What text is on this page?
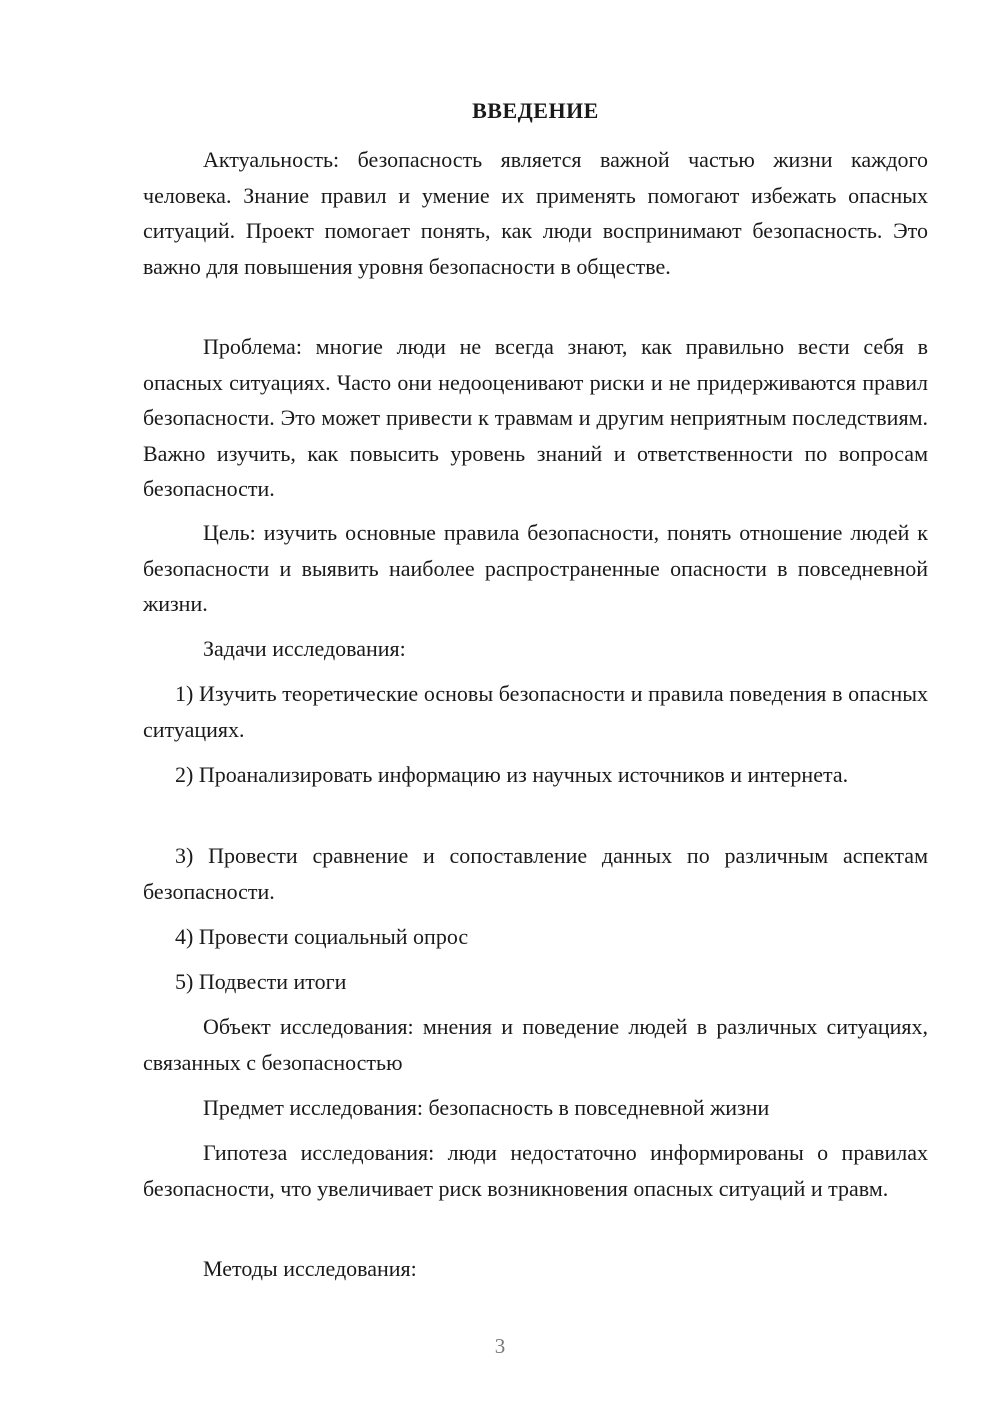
ВВЕДЕНИЕ

Актуальность: безопасность является важной частью жизни каждого человека. Знание правил и умение их применять помогают избежать опасных ситуаций. Проект помогает понять, как люди воспринимают безопасность. Это важно для повышения уровня безопасности в обществе.

Проблема: многие люди не всегда знают, как правильно вести себя в опасных ситуациях. Часто они недооценивают риски и не придерживаются правил безопасности. Это может привести к травмам и другим неприятным последствиям. Важно изучить, как повысить уровень знаний и ответственности по вопросам безопасности.

Цель: изучить основные правила безопасности, понять отношение людей к безопасности и выявить наиболее распространенные опасности в повседневной жизни.

Задачи исследования:

1) Изучить теоретические основы безопасности и правила поведения в опасных ситуациях.

2) Проанализировать информацию из научных источников и интернета.

3) Провести сравнение и сопоставление данных по различным аспектам безопасности.

4) Провести социальный опрос

5) Подвести итоги

Объект исследования: мнения и поведение людей в различных ситуациях, связанных с безопасностью

Предмет исследования: безопасность в повседневной жизни

Гипотеза исследования: люди недостаточно информированы о правилах безопасности, что увеличивает риск возникновения опасных ситуаций и травм.

Методы исследования:

3
